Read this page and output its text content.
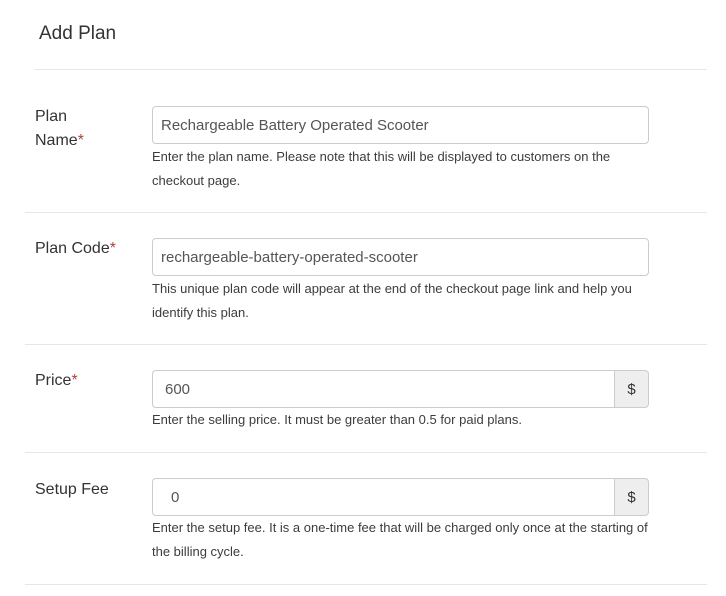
Add Plan
Plan
Name*
Rechargeable Battery Operated Scooter
Enter the plan name. Please note that this will be displayed to customers on the checkout page.
Plan Code*
rechargeable-battery-operated-scooter
This unique plan code will appear at the end of the checkout page link and help you identify this plan.
Price*
600	$
Enter the selling price. It must be greater than 0.5 for paid plans.
Setup Fee
0	$
Enter the setup fee. It is a one-time fee that will be charged only once at the starting of the billing cycle.
